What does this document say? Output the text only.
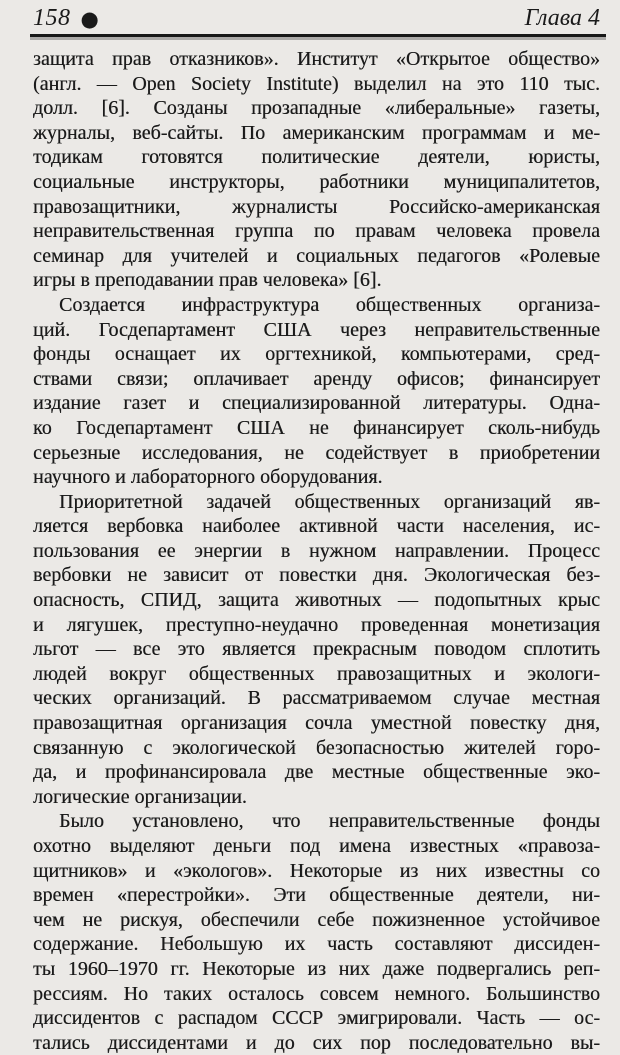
158 ●	Глава 4
защита прав отказников». Институт «Открытое общество»
(англ. — Open Society Institute) выделил на это 110 тыс.
долл. [6]. Созданы прозападные «либеральные» газеты,
журналы, веб-сайты. По американским программам и ме-
тодикам готовятся политические деятели, юристы,
социальные инструкторы, работники муниципалитетов,
правозащитники, журналисты Российско-американская
неправительственная группа по правам человека провела
семинар для учителей и социальных педагогов «Ролевые
игры в преподавании прав человека» [6].
Создается инфраструктура общественных организа-
ций. Госдепартамент США через неправительственные
фонды оснащает их оргтехникой, компьютерами, сред-
ствами связи; оплачивает аренду офисов; финансирует
издание газет и специализированной литературы. Одна-
ко Госдепартамент США не финансирует сколь-нибудь
серьезные исследования, не содействует в приобретении
научного и лабораторного оборудования.
Приоритетной задачей общественных организаций яв-
ляется вербовка наиболее активной части населения, ис-
пользования ее энергии в нужном направлении. Процесс
вербовки не зависит от повестки дня. Экологическая без-
опасность, СПИД, защита животных — подопытных крыс
и лягушек, преступно-неудачно проведенная монетизация
льгот — все это является прекрасным поводом сплотить
людей вокруг общественных правозащитных и экологи-
ческих организаций. В рассматриваемом случае местная
правозащитная организация сочла уместной повестку дня,
связанную с экологической безопасностью жителей горо-
да, и профинансировала две местные общественные эко-
логические организации.
Было установлено, что неправительственные фонды
охотно выделяют деньги под имена известных «правоза-
щитников» и «экологов». Некоторые из них известны со
времен «перестройки». Эти общественные деятели, ни-
чем не рискуя, обеспечили себе пожизненное устойчивое
содержание. Небольшую их часть составляют диссиден-
ты 1960–1970 гг. Некоторые из них даже подвергались реп-
рессиям. Но таких осталось совсем немного. Большинство
диссидентов с распадом СССР эмигрировали. Часть — ос-
тались диссидентами и до сих пор последовательно вы-
